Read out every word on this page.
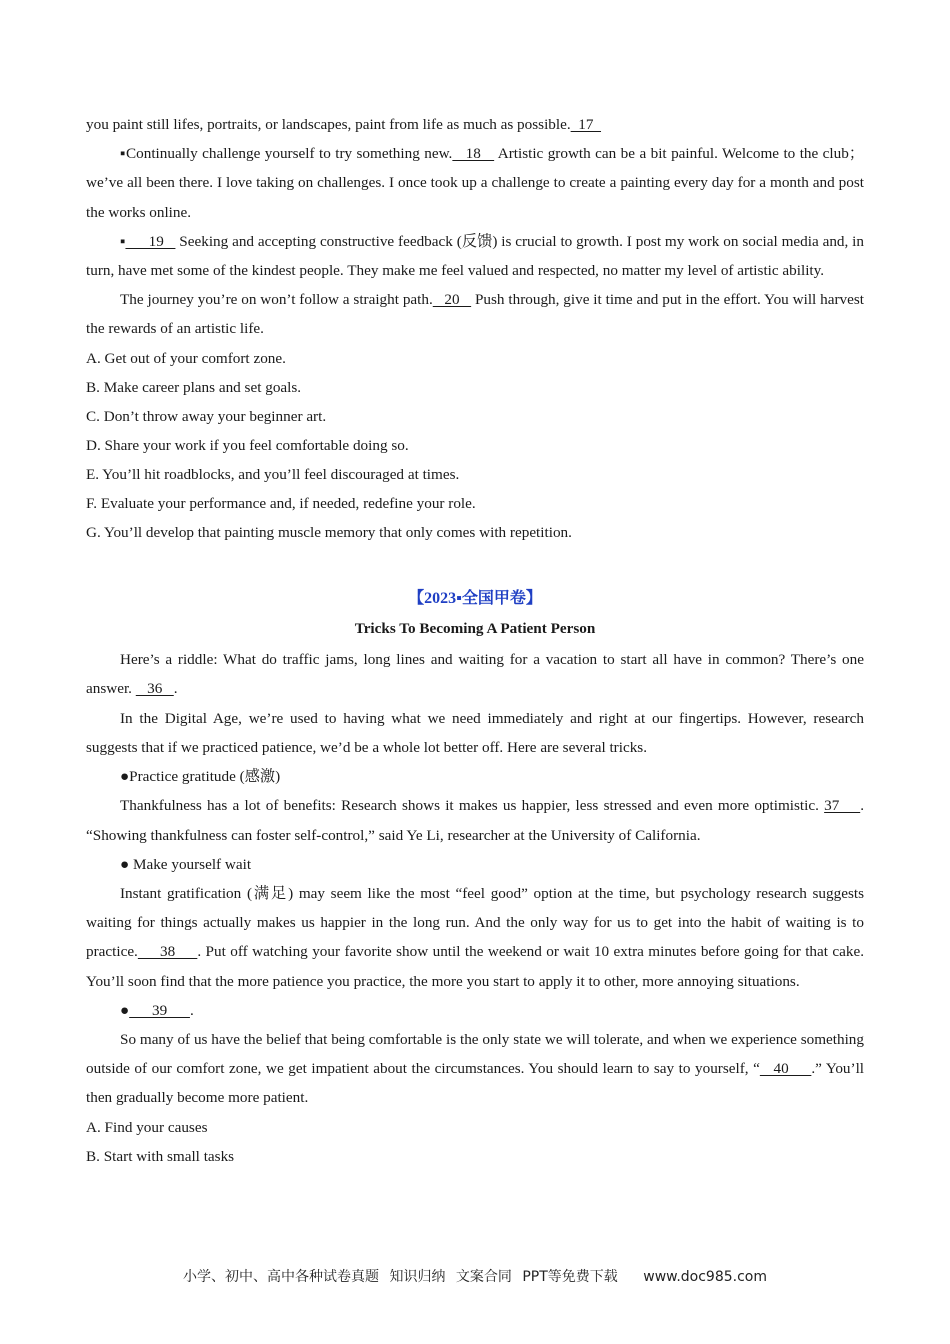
you paint still lifes, portraits, or landscapes, paint from life as much as possible.  17

▪Continually challenge yourself to try something new.   18    Artistic growth can be a bit painful. Welcome to the club；we’ve all been there. I love taking on challenges. I once took up a challenge to create a painting every day for a month and post the works online.

▪      19    Seeking and accepting constructive feedback (反馈) is crucial to growth. I post my work on social media and, in turn, have met some of the kindest people. They make me feel valued and respected, no matter my level of artistic ability.

The journey you’re on won’t follow a straight path.   20    Push through, give it time and put in the effort. You will harvest the rewards of an artistic life.

A. Get out of your comfort zone.

B. Make career plans and set goals.

C. Don’t throw away your beginner art.

D. Share your work if you feel comfortable doing so.

E. You’ll hit roadblocks, and you’ll feel discouraged at times.

F. Evaluate your performance and, if needed, redefine your role.

G. You’ll develop that painting muscle memory that only comes with repetition.

【2023▪全国甲卷】
Tricks To Becoming A Patient Person

Here’s a riddle: What do traffic jams, long lines and waiting for a vacation to start all have in common? There’s one answer.    36   .

In the Digital Age, we’re used to having what we need immediately and right at our fingertips. However, research suggests that if we practiced patience, we’d be a whole lot better off. Here are several tricks.

●Practice gratitude (感激)

Thankfulness has a lot of benefits: Research shows it makes us happier, less stressed and even more optimistic. 37    . “Showing thankfulness can foster self-control,” said Ye Li, researcher at the University of California.

● Make yourself wait

Instant gratification (满足) may seem like the most “feel good” option at the time, but psychology research suggests waiting for things actually makes us happier in the long run. And the only way for us to get into the habit of waiting is to practice.     38     . Put off watching your favorite show until the weekend or wait 10 extra minutes before going for that cake. You’ll soon find that the more patience you practice, the more you start to apply it to other, more annoying situations.

●      39      .

So many of us have the belief that being comfortable is the only state we will tolerate, and when we experience something outside of our comfort zone, we get impatient about the circumstances. You should learn to say to yourself, “   40     .” You’ll then gradually become more patient.

A. Find your causes

B. Start with small tasks

小学、初中、高中各种试卷真题 知识归纳 文案合同 PPT等免费下载 www.doc985.com
